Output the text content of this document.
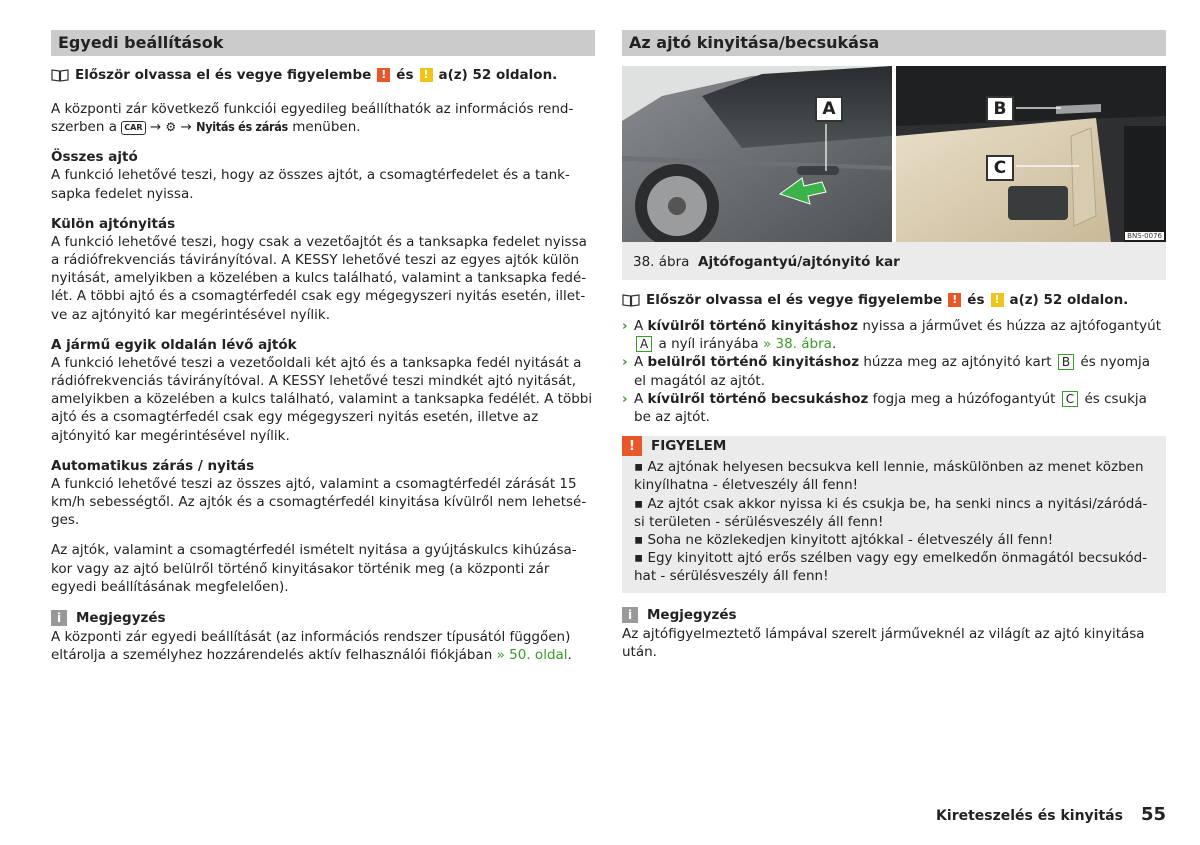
Egyedi beállítások
Először olvassa el és vegye figyelembe ! és ! a(z) 52 oldalon.

A központi zár következő funkciói egyedileg beállíthatók az információs rend-szerben a CAR → ⚙ → Nyitás és zárás menüben.

Összes ajtó

A funkció lehetővé teszi, hogy az összes ajtót, a csomagtérfedelet és a tank-sapka fedelet nyissa.

Külön ajtónyitás

A funkció lehetővé teszi, hogy csak a vezetőajtót és a tanksapka fedelet nyissa a rádiófrekvenciás távirányítóval. A KESSY lehetővé teszi az egyes ajtók külön nyitását, amelyikben a közelében a kulcs található, valamint a tanksapka fedé-lét. A többi ajtó és a csomagtérfedél csak egy mégegyszeri nyitás esetén, illet-ve az ajtónyitó kar megérintésével nyílik.

A jármű egyik oldalán lévő ajtók

A funkció lehetővé teszi a vezetőoldali két ajtó és a tanksapka fedél nyitását a rádiófrekvenciás távirányítóval. A KESSY lehetővé teszi mindkét ajtó nyitását, amelyikben a közelében a kulcs található, valamint a tanksapka fedélét. A többi ajtó és a csomagtérfedél csak egy mégegyszeri nyitás esetén, illetve az ajtónyitó kar megérintésével nyílik.

Automatikus zárás / nyitás

A funkció lehetővé teszi az összes ajtó, valamint a csomagtérfedél zárását 15 km/h sebességtől. Az ajtók és a csomagtérfedél kinyitása kívülről nem lehetsé-ges.

Az ajtók, valamint a csomagtérfedél ismételt nyitása a gyújtáskulcs kihúzása-kor vagy az ajtó belülről történő kinyitásakor történik meg (a központi zár egyedi beállításának megfelelően).

i	Megjegyzés

A központi zár egyedi beállítását (az információs rendszer típusától függően) eltárolja a személyhez hozzárendelés aktív felhasználói fiókjában » 50. oldal.

Az ajtó kinyitása/becsukása
A	B
C
BNS-0076
38. ábra Ajtófogantyú/ajtónyitó kar
Először olvassa el és vegye figyelembe ! és ! a(z) 52 oldalon.
› A kívülről történő kinyitáshoz nyissa a járművet és húzza az ajtófogantyút A a nyíl irányába » 38. ábra.
› A belülről történő kinyitáshoz húzza meg az ajtónyitó kart B és nyomja el magától az ajtót.
› A kívülről történő becsukáshoz fogja meg a húzófogantyút C és csukja be az ajtót.
!	FIGYELEM
▪ Az ajtónak helyesen becsukva kell lennie, máskülönben az menet közben kinyílhatna - életveszély áll fenn!
▪ Az ajtót csak akkor nyissa ki és csukja be, ha senki nincs a nyitási/záródá-si területen - sérülésveszély áll fenn!
▪ Soha ne közlekedjen kinyitott ajtókkal - életveszély áll fenn!
▪ Egy kinyitott ajtó erős szélben vagy egy emelkedőn önmagától becsukód-hat - sérülésveszély áll fenn!
i	Megjegyzés

Az ajtófigyelmeztető lámpával szerelt járműveknél az világít az ajtó kinyitása után.

Kireteszelés és kinyitás 55
